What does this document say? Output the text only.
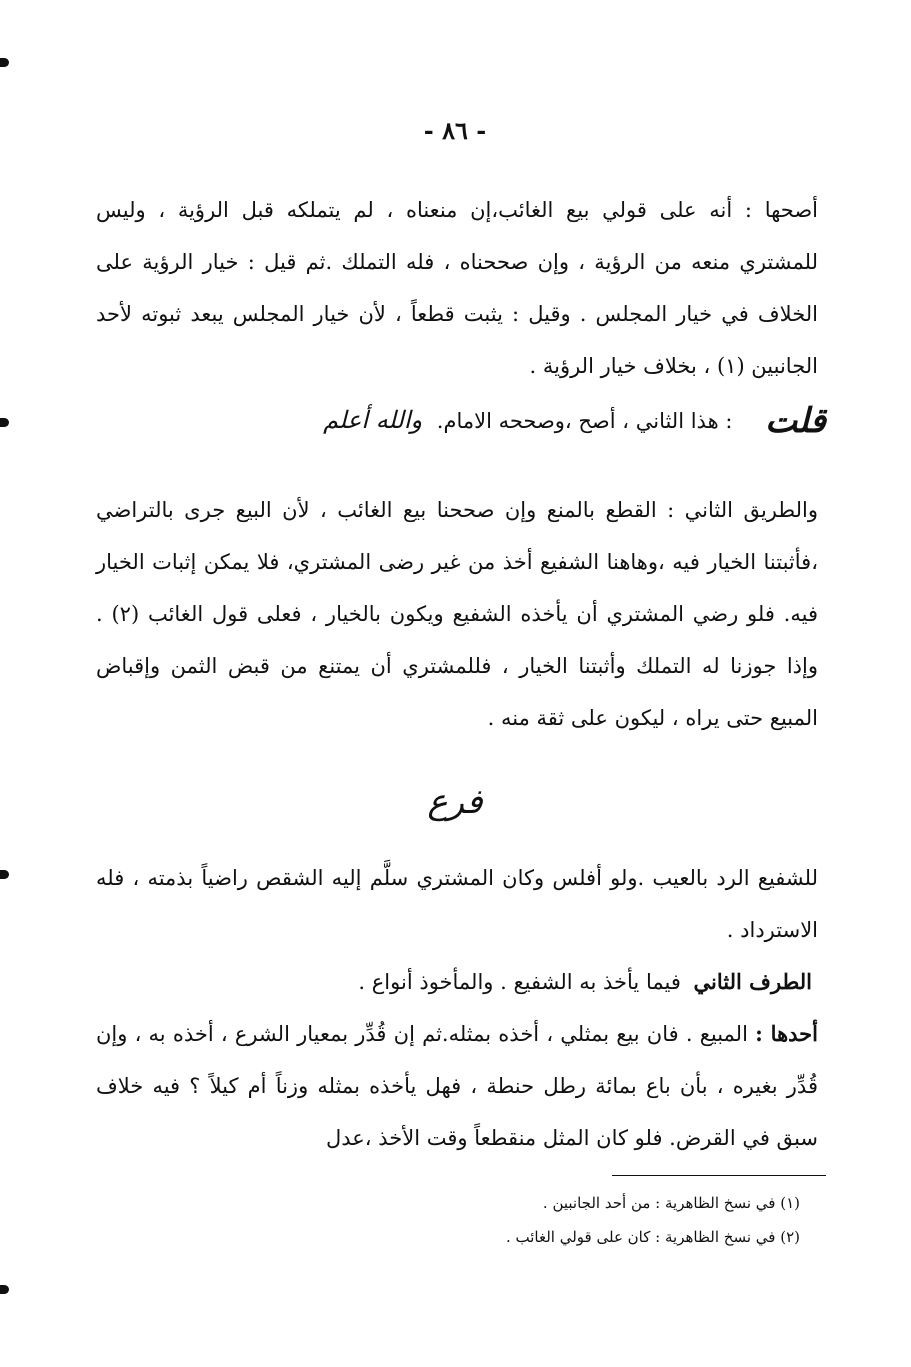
- ٨٦ -

أصحها : أنه على قولي بيع الغائب،إن منعناه ، لم يتملكه قبل الرؤية ، وليس للمشتري منعه من الرؤية ، وإن صححناه ، فله التملك .ثم قيل : خيار الرؤية على الخلاف في خيار المجلس . وقيل : يثبت قطعاً ، لأن خيار المجلس يبعد ثبوته لأحد الجانبين (١) ، بخلاف خيار الرؤية .

قلت : هذا الثاني ، أصح ،وصححه الامام. والله أعلم

والطريق الثاني : القطع بالمنع وإن صححنا بيع الغائب ، لأن البيع جرى بالتراضي ،فأثبتنا الخيار فيه ،وهاهنا الشفيع أخذ من غير رضى المشتري، فلا يمكن إثبات الخيار فيه. فلو رضي المشتري أن يأخذه الشفيع ويكون بالخيار ، فعلى قول الغائب (٢) . وإذا جوزنا له التملك وأثبتنا الخيار ، فللمشتري أن يمتنع من قبض الثمن وإقباض المبيع حتى يراه ، ليكون على ثقة منه .

فرع

للشفيع الرد بالعيب .ولو أفلس وكان المشتري سلَّم إليه الشقص راضياً بذمته ، فله الاسترداد .

الطرف الثاني فيما يأخذ به الشفيع . والمأخوذ أنواع .

أحدها : المبيع . فان بيع بمثلي ، أخذه بمثله.ثم إن قُدِّر بمعيار الشرع ، أخذه به ، وإن قُدِّر بغيره ، بأن باع بمائة رطل حنطة ، فهل يأخذه بمثله وزناً أم كيلاً ؟ فيه خلاف سبق في القرض. فلو كان المثل منقطعاً وقت الأخذ ،عدل

(١) في نسخ الظاهرية : من أحد الجانبين .
(٢) في نسخ الظاهرية : كان على قولي الغائب .
